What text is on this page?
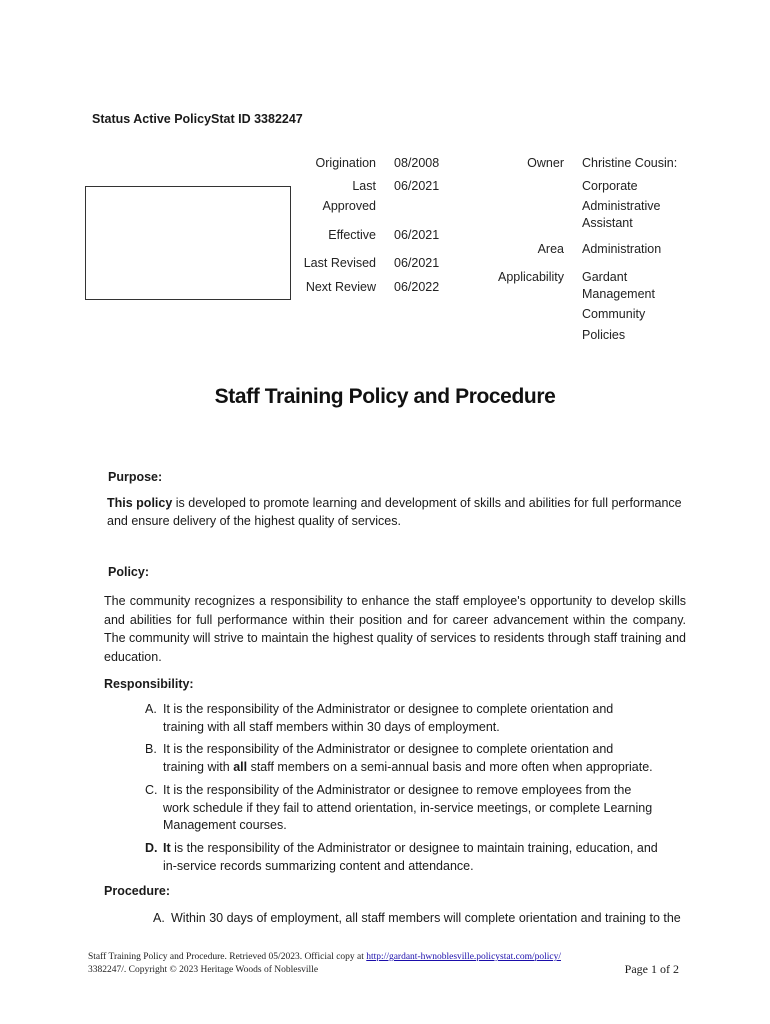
Status Active PolicyStat ID 3382247
Origination 08/2008
Last
Approved
06/2021
Effective 06/2021
Last Revised 06/2021
Next Review 06/2022
Owner Christine Cousin:
Corporate
Administrative
Assistant
Area Administration
Applicability Gardant
Management
Community
Policies
Staff Training Policy and Procedure
Purpose:
This policy is developed to promote learning and development of skills and abilities for full performance and ensure delivery of the highest quality of services.
Policy:
The community recognizes a responsibility to enhance the staff employee's opportunity to develop skills and abilities for full performance within their position and for career advancement within the company. The community will strive to maintain the highest quality of services to residents through staff training and education.
Responsibility:
A. It is the responsibility of the Administrator or designee to complete orientation and training with all staff members within 30 days of employment.
B. It is the responsibility of the Administrator or designee to complete orientation and training with all staff members on a semi-annual basis and more often when appropriate.
C. It is the responsibility of the Administrator or designee to remove employees from the work schedule if they fail to attend orientation, in-service meetings, or complete Learning Management courses.
D. It is the responsibility of the Administrator or designee to maintain training, education, and in-service records summarizing content and attendance.
Procedure:
A. Within 30 days of employment, all staff members will complete orientation and training to the
Staff Training Policy and Procedure. Retrieved 05/2023. Official copy at http://gardant-hwnoblesville.policystat.com/policy/
3382247/. Copyright © 2023 Heritage Woods of Noblesville	Page 1 of 2
